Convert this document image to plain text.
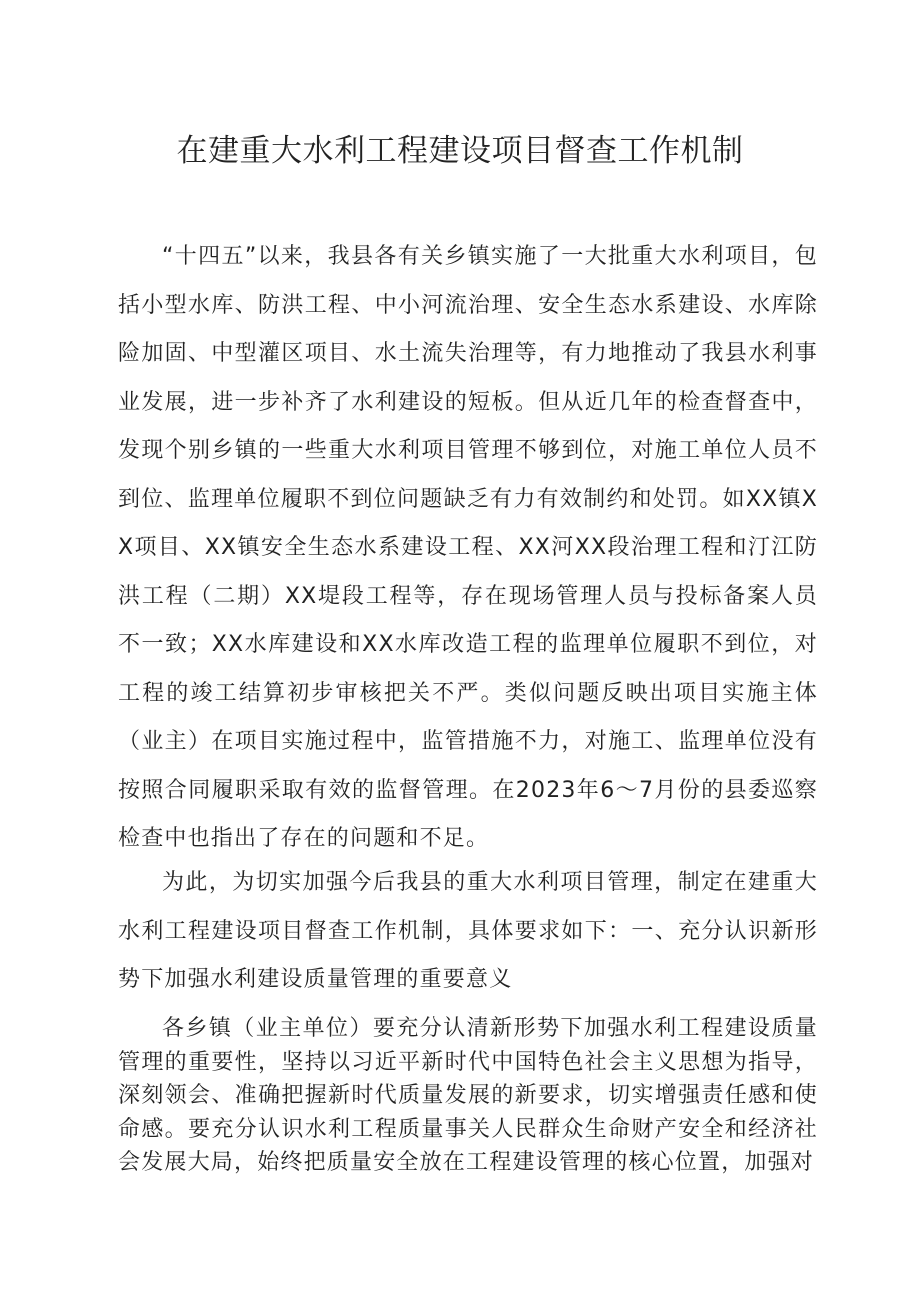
在建重大水利工程建设项目督查工作机制

“十四五”以来，我县各有关乡镇实施了一大批重大水利项目，包括小型水库、防洪工程、中小河流治理、安全生态水系建设、水库除险加固、中型灌区项目、水土流失治理等，有力地推动了我县水利事业发展，进一步补齐了水利建设的短板。但从近几年的检查督查中，发现个别乡镇的一些重大水利项目管理不够到位，对施工单位人员不到位、监理单位履职不到位问题缺乏有力有效制约和处罚。如XX镇XX项目、XX镇安全生态水系建设工程、XX河XX段治理工程和汀江防洪工程（二期）XX堤段工程等，存在现场管理人员与投标备案人员不一致；XX水库建设和XX水库改造工程的监理单位履职不到位，对工程的竣工结算初步审核把关不严。类似问题反映出项目实施主体（业主）在项目实施过程中，监管措施不力，对施工、监理单位没有按照合同履职采取有效的监督管理。在2023年6〜7月份的县委巡察检查中也指出了存在的问题和不足。

为此，为切实加强今后我县的重大水利项目管理，制定在建重大水利工程建设项目督查工作机制，具体要求如下：一、充分认识新形势下加强水利建设质量管理的重要意义

各乡镇（业主单位）要充分认清新形势下加强水利工程建设质量管理的重要性，坚持以习近平新时代中国特色社会主义思想为指导，深刻领会、准确把握新时代质量发展的新要求，切实增强责任感和使命感。要充分认识水利工程质量事关人民群众生命财产安全和经济社会发展大局，始终把质量安全放在工程建设管理的核心位置，加强对
